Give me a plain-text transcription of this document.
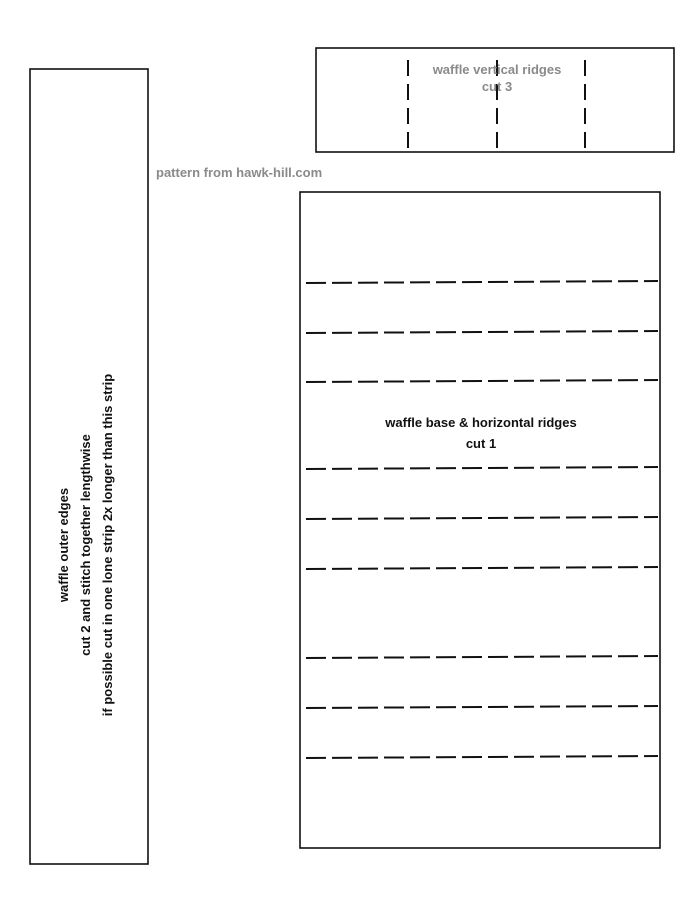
waffle outer edges cut 2 and stitch together lengthwise if possible cut in one lone strip 2x longer than this strip
waffle vertical ridges
cut 3
pattern from hawk-hill.com
waffle base & horizontal ridges
cut 1
